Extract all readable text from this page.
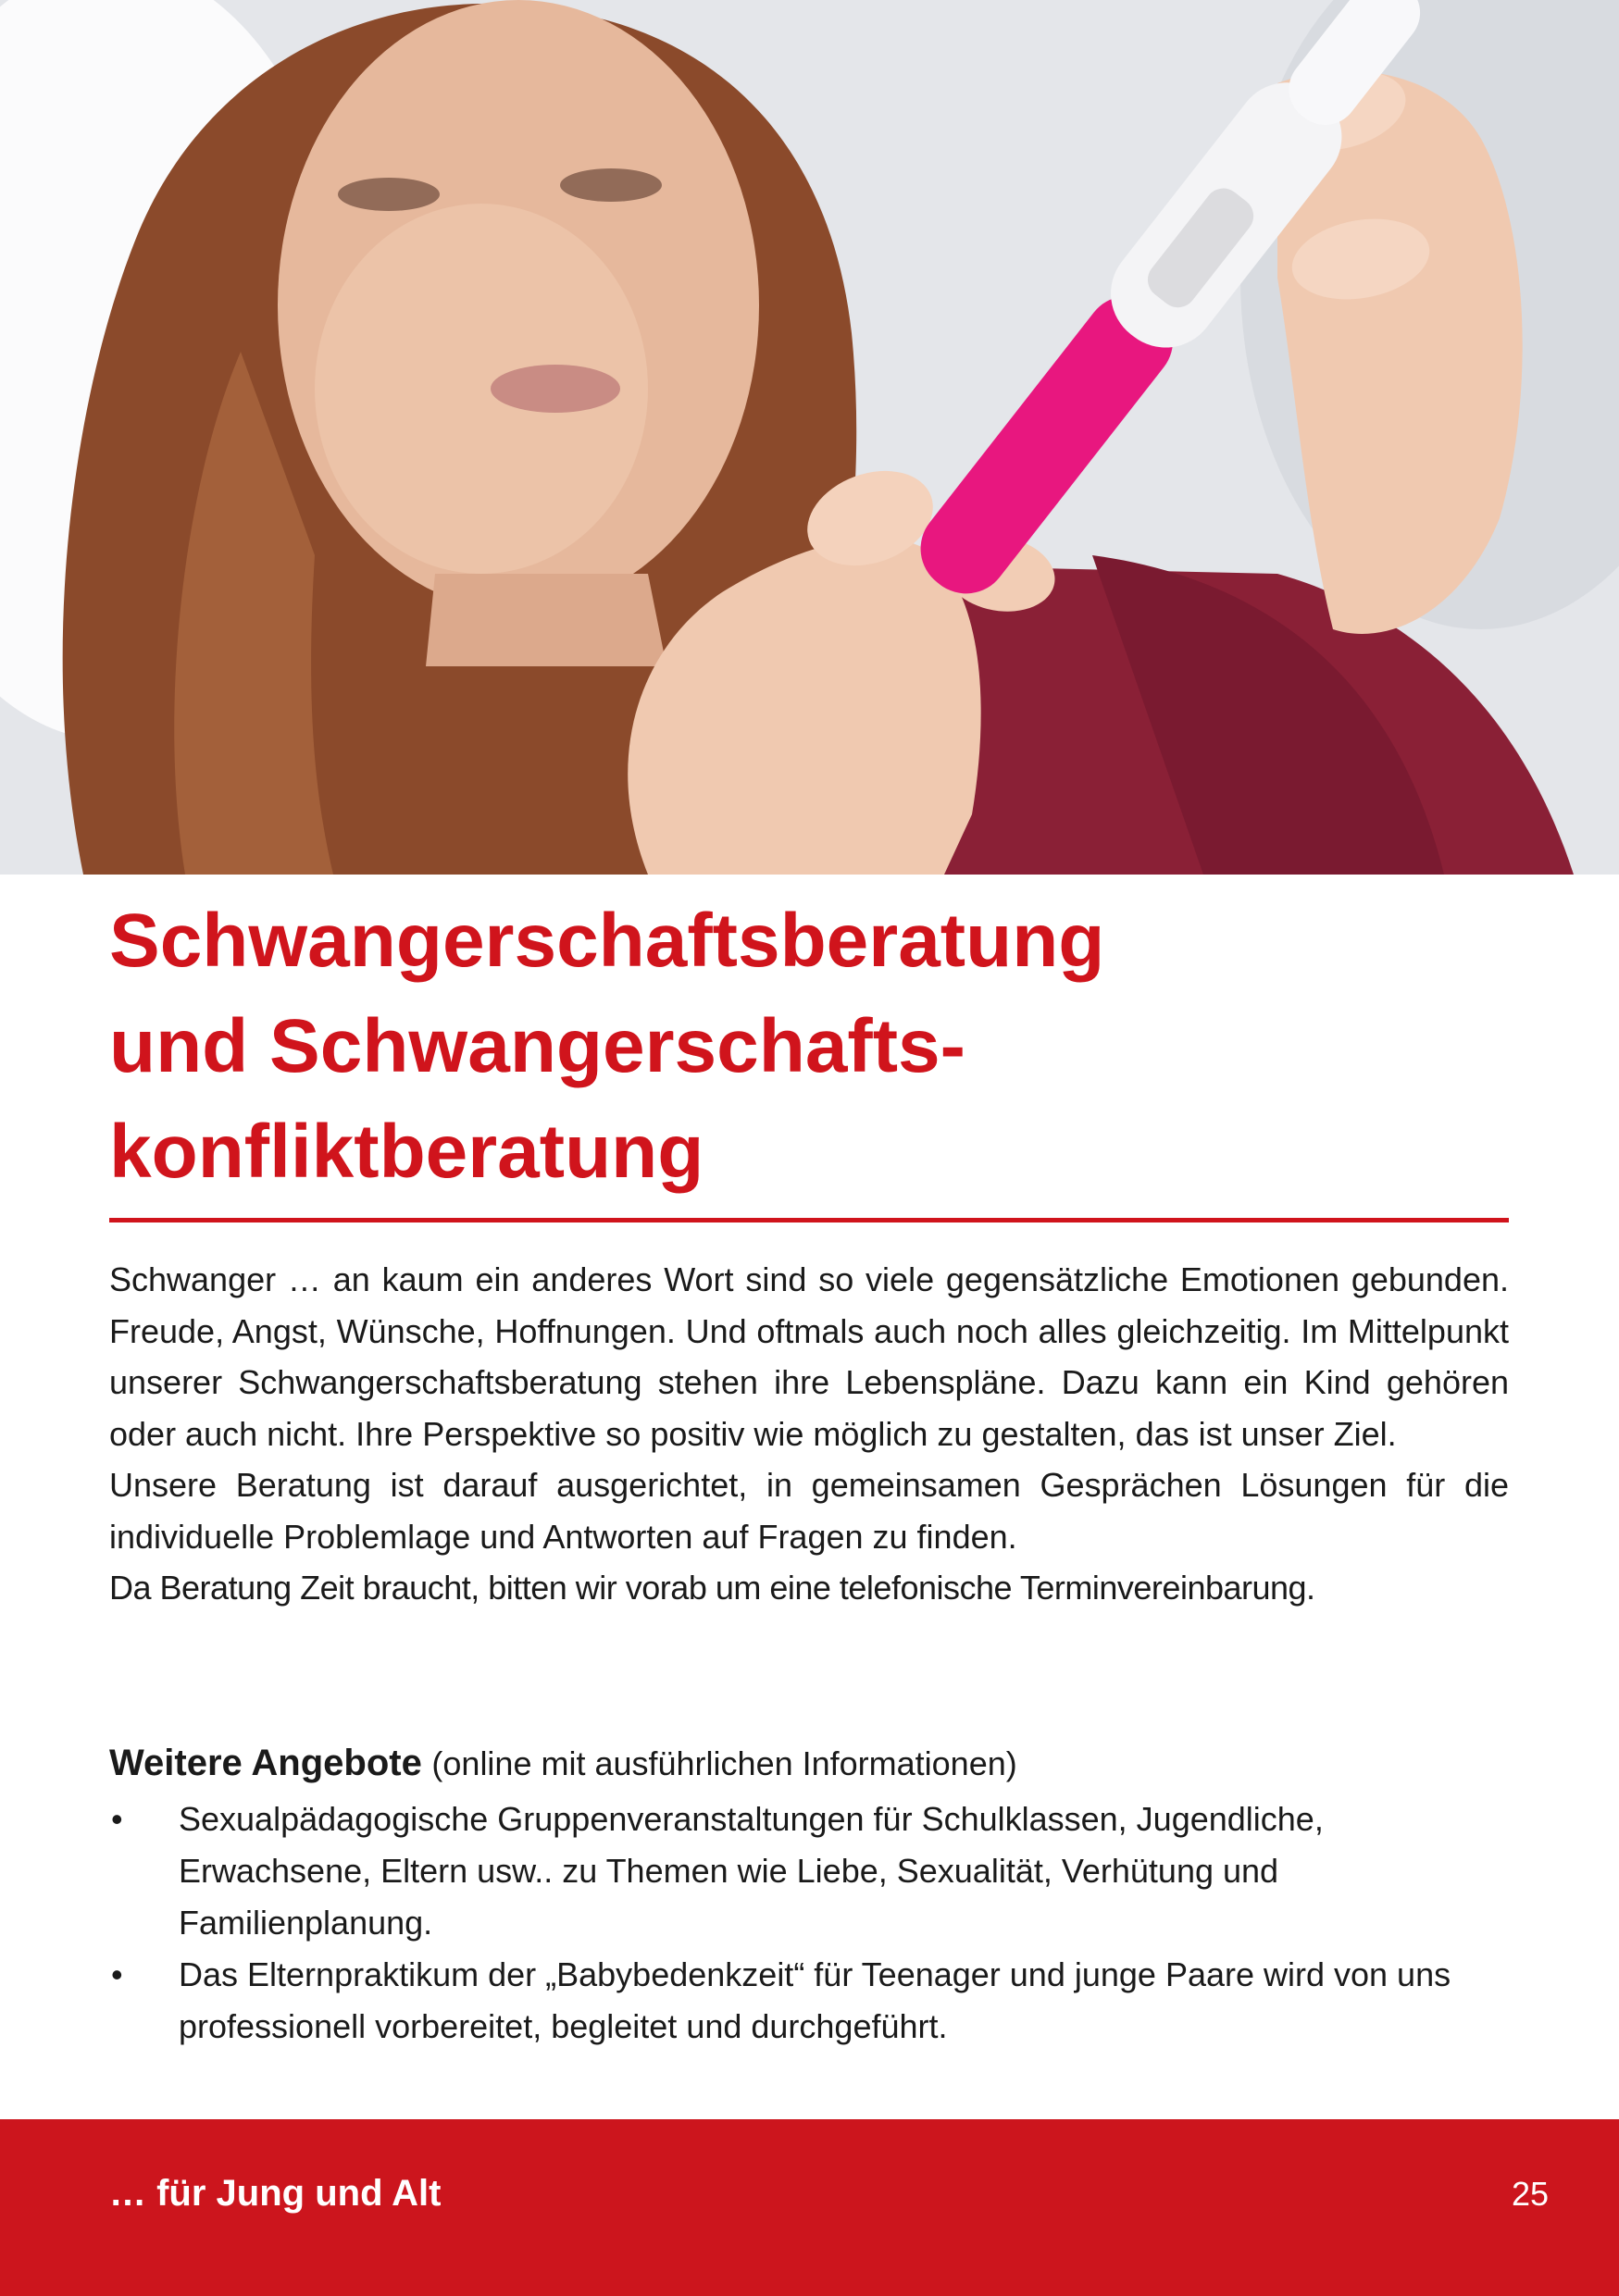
Schwangerschaftsberatung
und Schwangerschafts-
konfliktberatung

Schwanger … an kaum ein anderes Wort sind so viele gegensätzliche Emotionen gebunden. Freude, Angst, Wünsche, Hoffnungen. Und oftmals auch noch alles gleichzeitig. Im Mittelpunkt unserer Schwangerschaftsberatung stehen ihre Lebenspläne. Dazu kann ein Kind gehören oder auch nicht. Ihre Perspektive so positiv wie möglich zu gestalten, das ist unser Ziel.

Unsere Beratung ist darauf ausgerichtet, in gemeinsamen Gesprächen Lösungen für die individuelle Problemlage und Antworten auf Fragen zu finden.

Da Beratung Zeit braucht, bitten wir vorab um eine telefonische Terminvereinbarung.

Weitere Angebote (online mit ausführlichen Informationen)

• Sexualpädagogische Gruppenveranstaltungen für Schulklassen, Jugendliche, Erwachsene, Eltern usw.. zu Themen wie Liebe, Sexualität, Verhütung und Familienplanung.
• Das Elternpraktikum der „Babybedenkzeit“ für Teenager und junge Paare wird von uns professionell vorbereitet, begleitet und durchgeführt.
… für Jung und Alt	25
